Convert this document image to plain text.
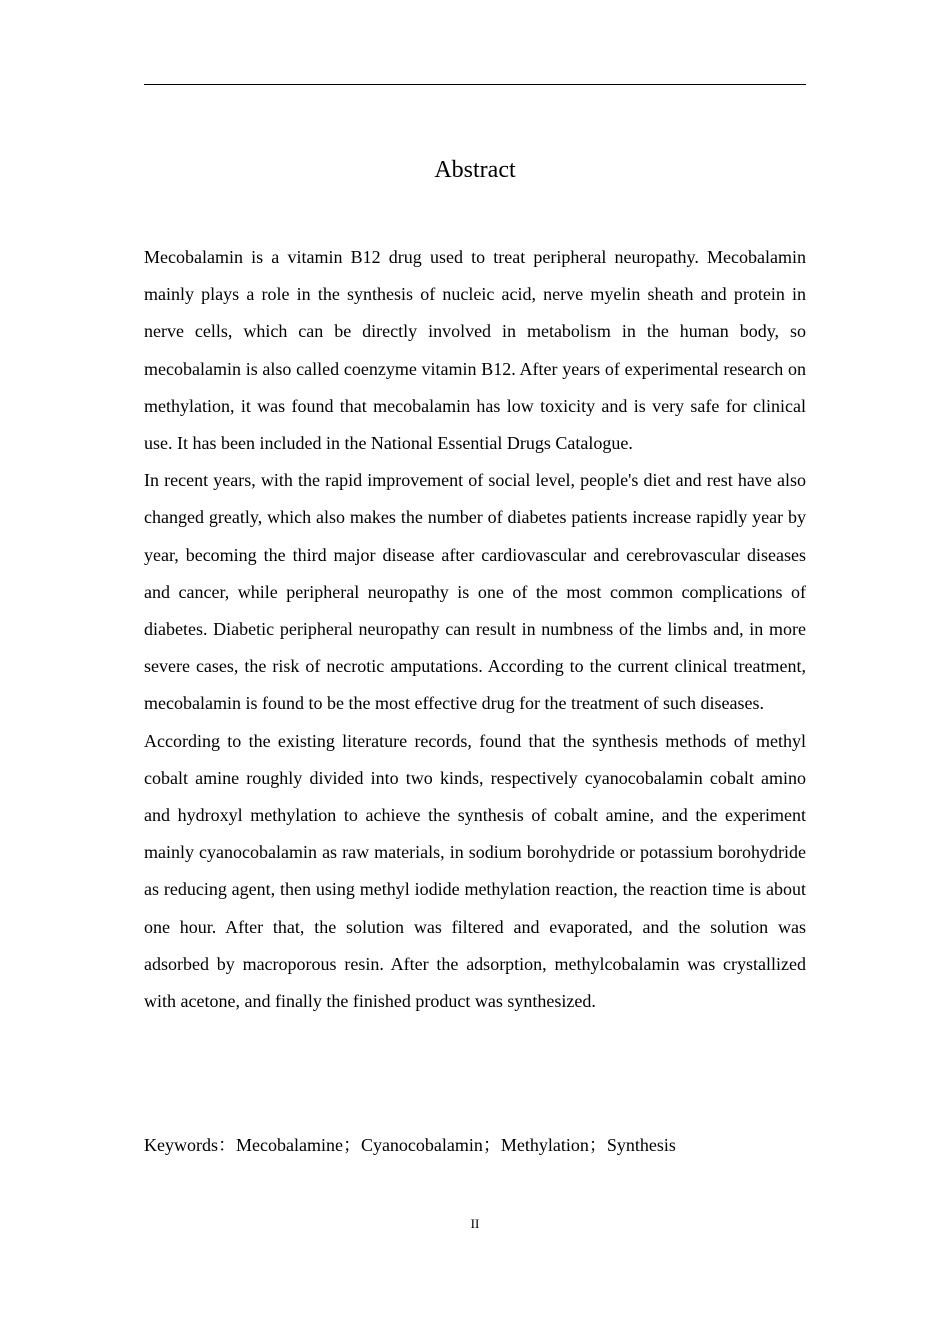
Abstract

Mecobalamin is a vitamin B12 drug used to treat peripheral neuropathy. Mecobalamin mainly plays a role in the synthesis of nucleic acid, nerve myelin sheath and protein in nerve cells, which can be directly involved in metabolism in the human body, so mecobalamin is also called coenzyme vitamin B12. After years of experimental research on methylation, it was found that mecobalamin has low toxicity and is very safe for clinical use. It has been included in the National Essential Drugs Catalogue.

In recent years, with the rapid improvement of social level, people's diet and rest have also changed greatly, which also makes the number of diabetes patients increase rapidly year by year, becoming the third major disease after cardiovascular and cerebrovascular diseases and cancer, while peripheral neuropathy is one of the most common complications of diabetes. Diabetic peripheral neuropathy can result in numbness of the limbs and, in more severe cases, the risk of necrotic amputations. According to the current clinical treatment, mecobalamin is found to be the most effective drug for the treatment of such diseases.

According to the existing literature records, found that the synthesis methods of methyl cobalt amine roughly divided into two kinds, respectively cyanocobalamin cobalt amino and hydroxyl methylation to achieve the synthesis of cobalt amine, and the experiment mainly cyanocobalamin as raw materials, in sodium borohydride or potassium borohydride as reducing agent, then using methyl iodide methylation reaction, the reaction time is about one hour. After that, the solution was filtered and evaporated, and the solution was adsorbed by macroporous resin. After the adsorption, methylcobalamin was crystallized with acetone, and finally the finished product was synthesized.

Keywords：Mecobalamine；Cyanocobalamin；Methylation；Synthesis
II
